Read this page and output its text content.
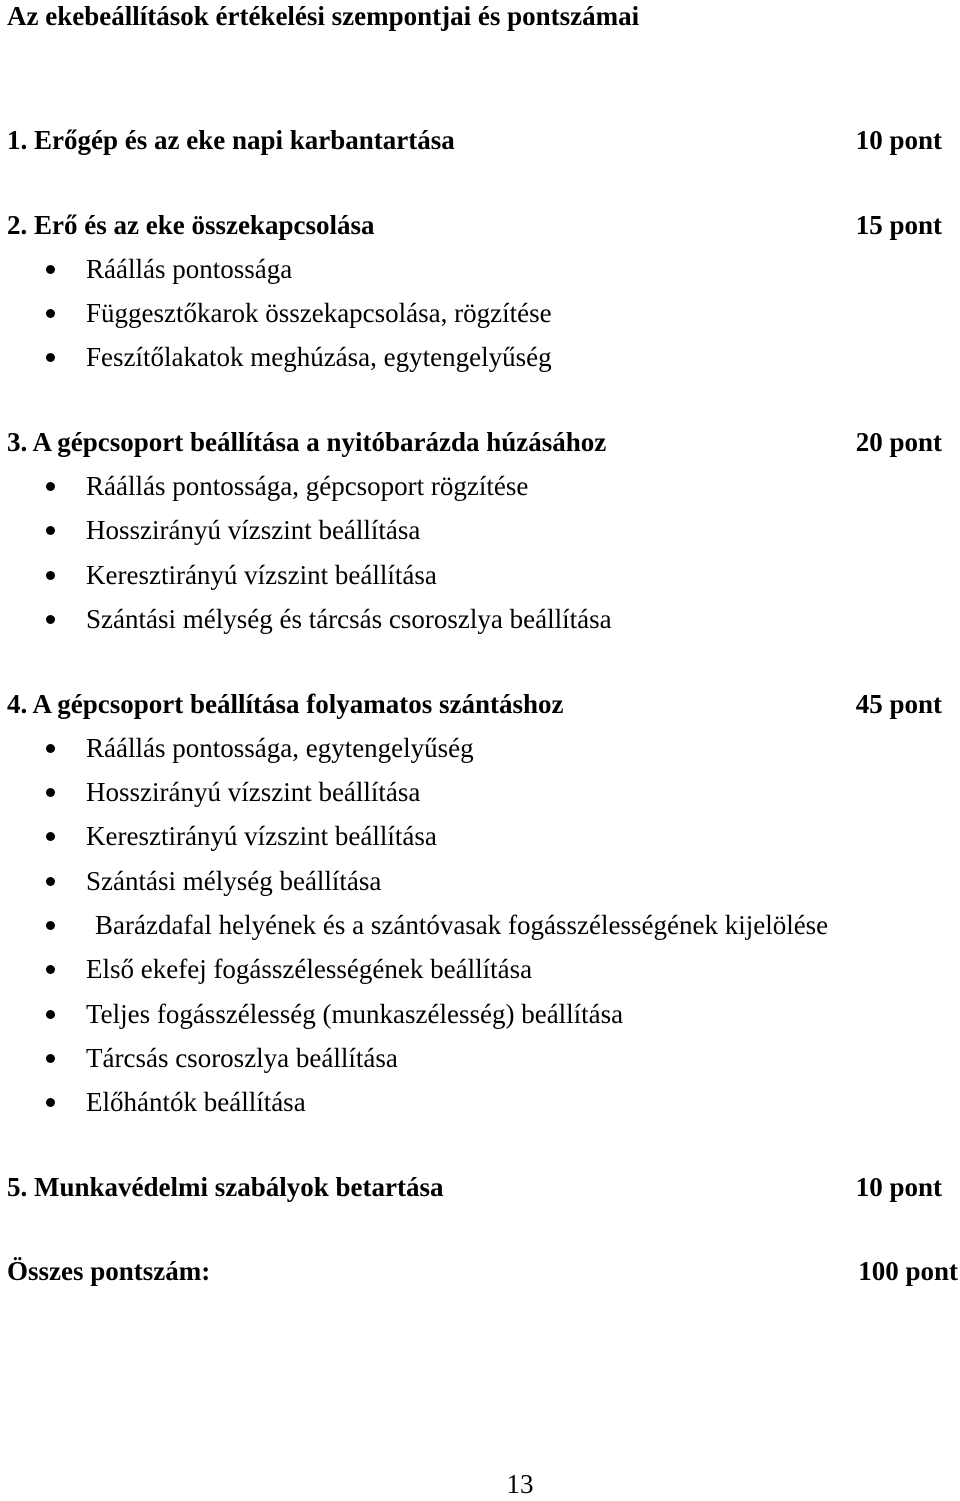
Az ekebeállítások értékelési szempontjai és pontszámai
1. Erőgép és az eke napi karbantartása	10 pont
2. Erő és az eke összekapcsolása	15 pont
Ráállás pontossága
Függesztőkarok összekapcsolása, rögzítése
Feszítőlakatok meghúzása, egytengelyűség
3. A gépcsoport beállítása a nyitóbarázda húzásához	20 pont
Ráállás pontossága, gépcsoport rögzítése
Hosszirányú vízszint beállítása
Keresztirányú vízszint beállítása
Szántási mélység és tárcsás csoroszlya beállítása
4. A gépcsoport beállítása folyamatos szántáshoz	45 pont
Ráállás pontossága, egytengelyűség
Hosszirányú vízszint beállítása
Keresztirányú vízszint beállítása
Szántási mélység beállítása
Barázdafal helyének és a szántóvasak fogásszélességének kijelölése
Első ekefej fogásszélességének beállítása
Teljes fogásszélesség (munkaszélesség) beállítása
Tárcsás csoroszlya beállítása
Előhántók beállítása
5. Munkavédelmi szabályok betartása	10 pont
Összes pontszám:	100 pont
13
